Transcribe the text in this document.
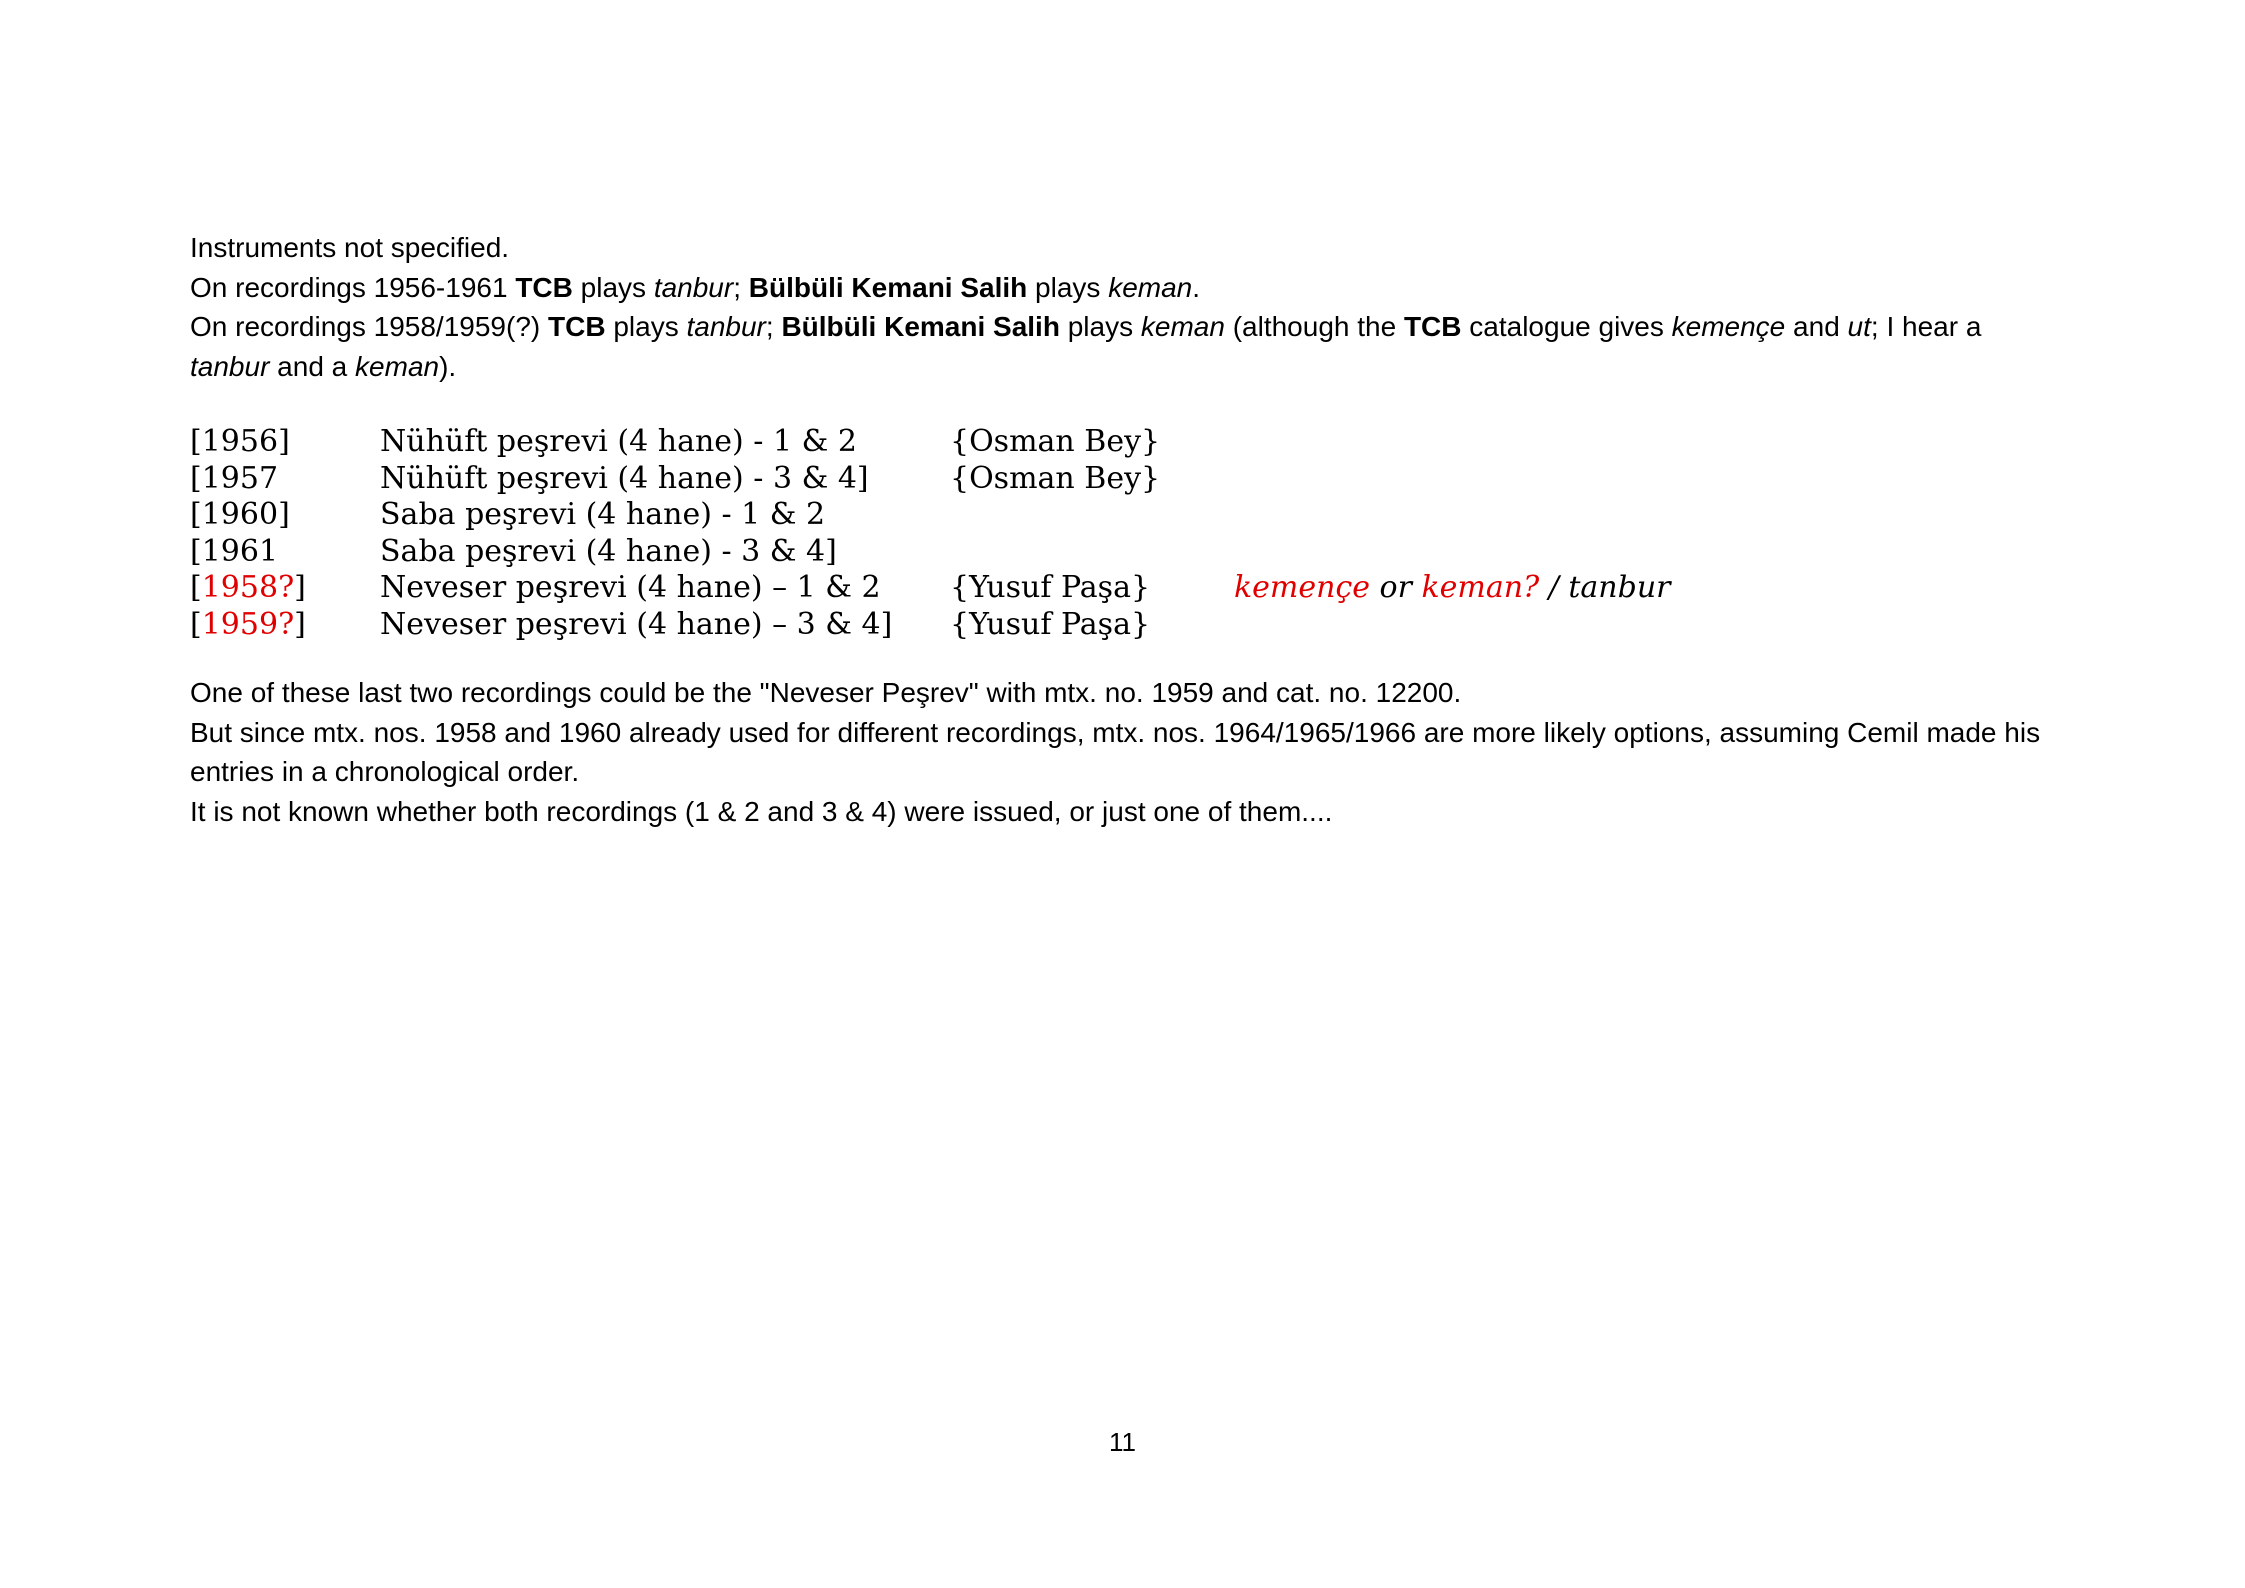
Instruments not specified.

On recordings 1956-1961 TCB plays tanbur; Bülbüli Kemani Salih plays keman.

On recordings 1958/1959(?) TCB plays tanbur; Bülbüli Kemani Salih plays keman (although the TCB catalogue gives kemençe and ut; I hear a tanbur and a keman).

[1956]	Nühüft peşrevi (4 hane) - 1 & 2	{Osman Bey}
[1957	Nühüft peşrevi (4 hane) - 3 & 4]	{Osman Bey}
[1960]	Saba peşrevi (4 hane) - 1 & 2
[1961	Saba peşrevi (4 hane) - 3 & 4]
[1958?] Neveser peşrevi (4 hane) – 1 & 2 {Yusuf Paşa}	kemençe or keman? / tanbur
[1959?] Neveser peşrevi (4 hane) – 3 & 4] {Yusuf Paşa}

One of these last two recordings could be the "Neveser Peşrev" with mtx. no. 1959 and cat. no. 12200.

But since mtx. nos. 1958 and 1960 already used for different recordings, mtx. nos. 1964/1965/1966 are more likely options, assuming Cemil made his entries in a chronological order.

It is not known whether both recordings (1 & 2 and 3 & 4) were issued, or just one of them....

11
